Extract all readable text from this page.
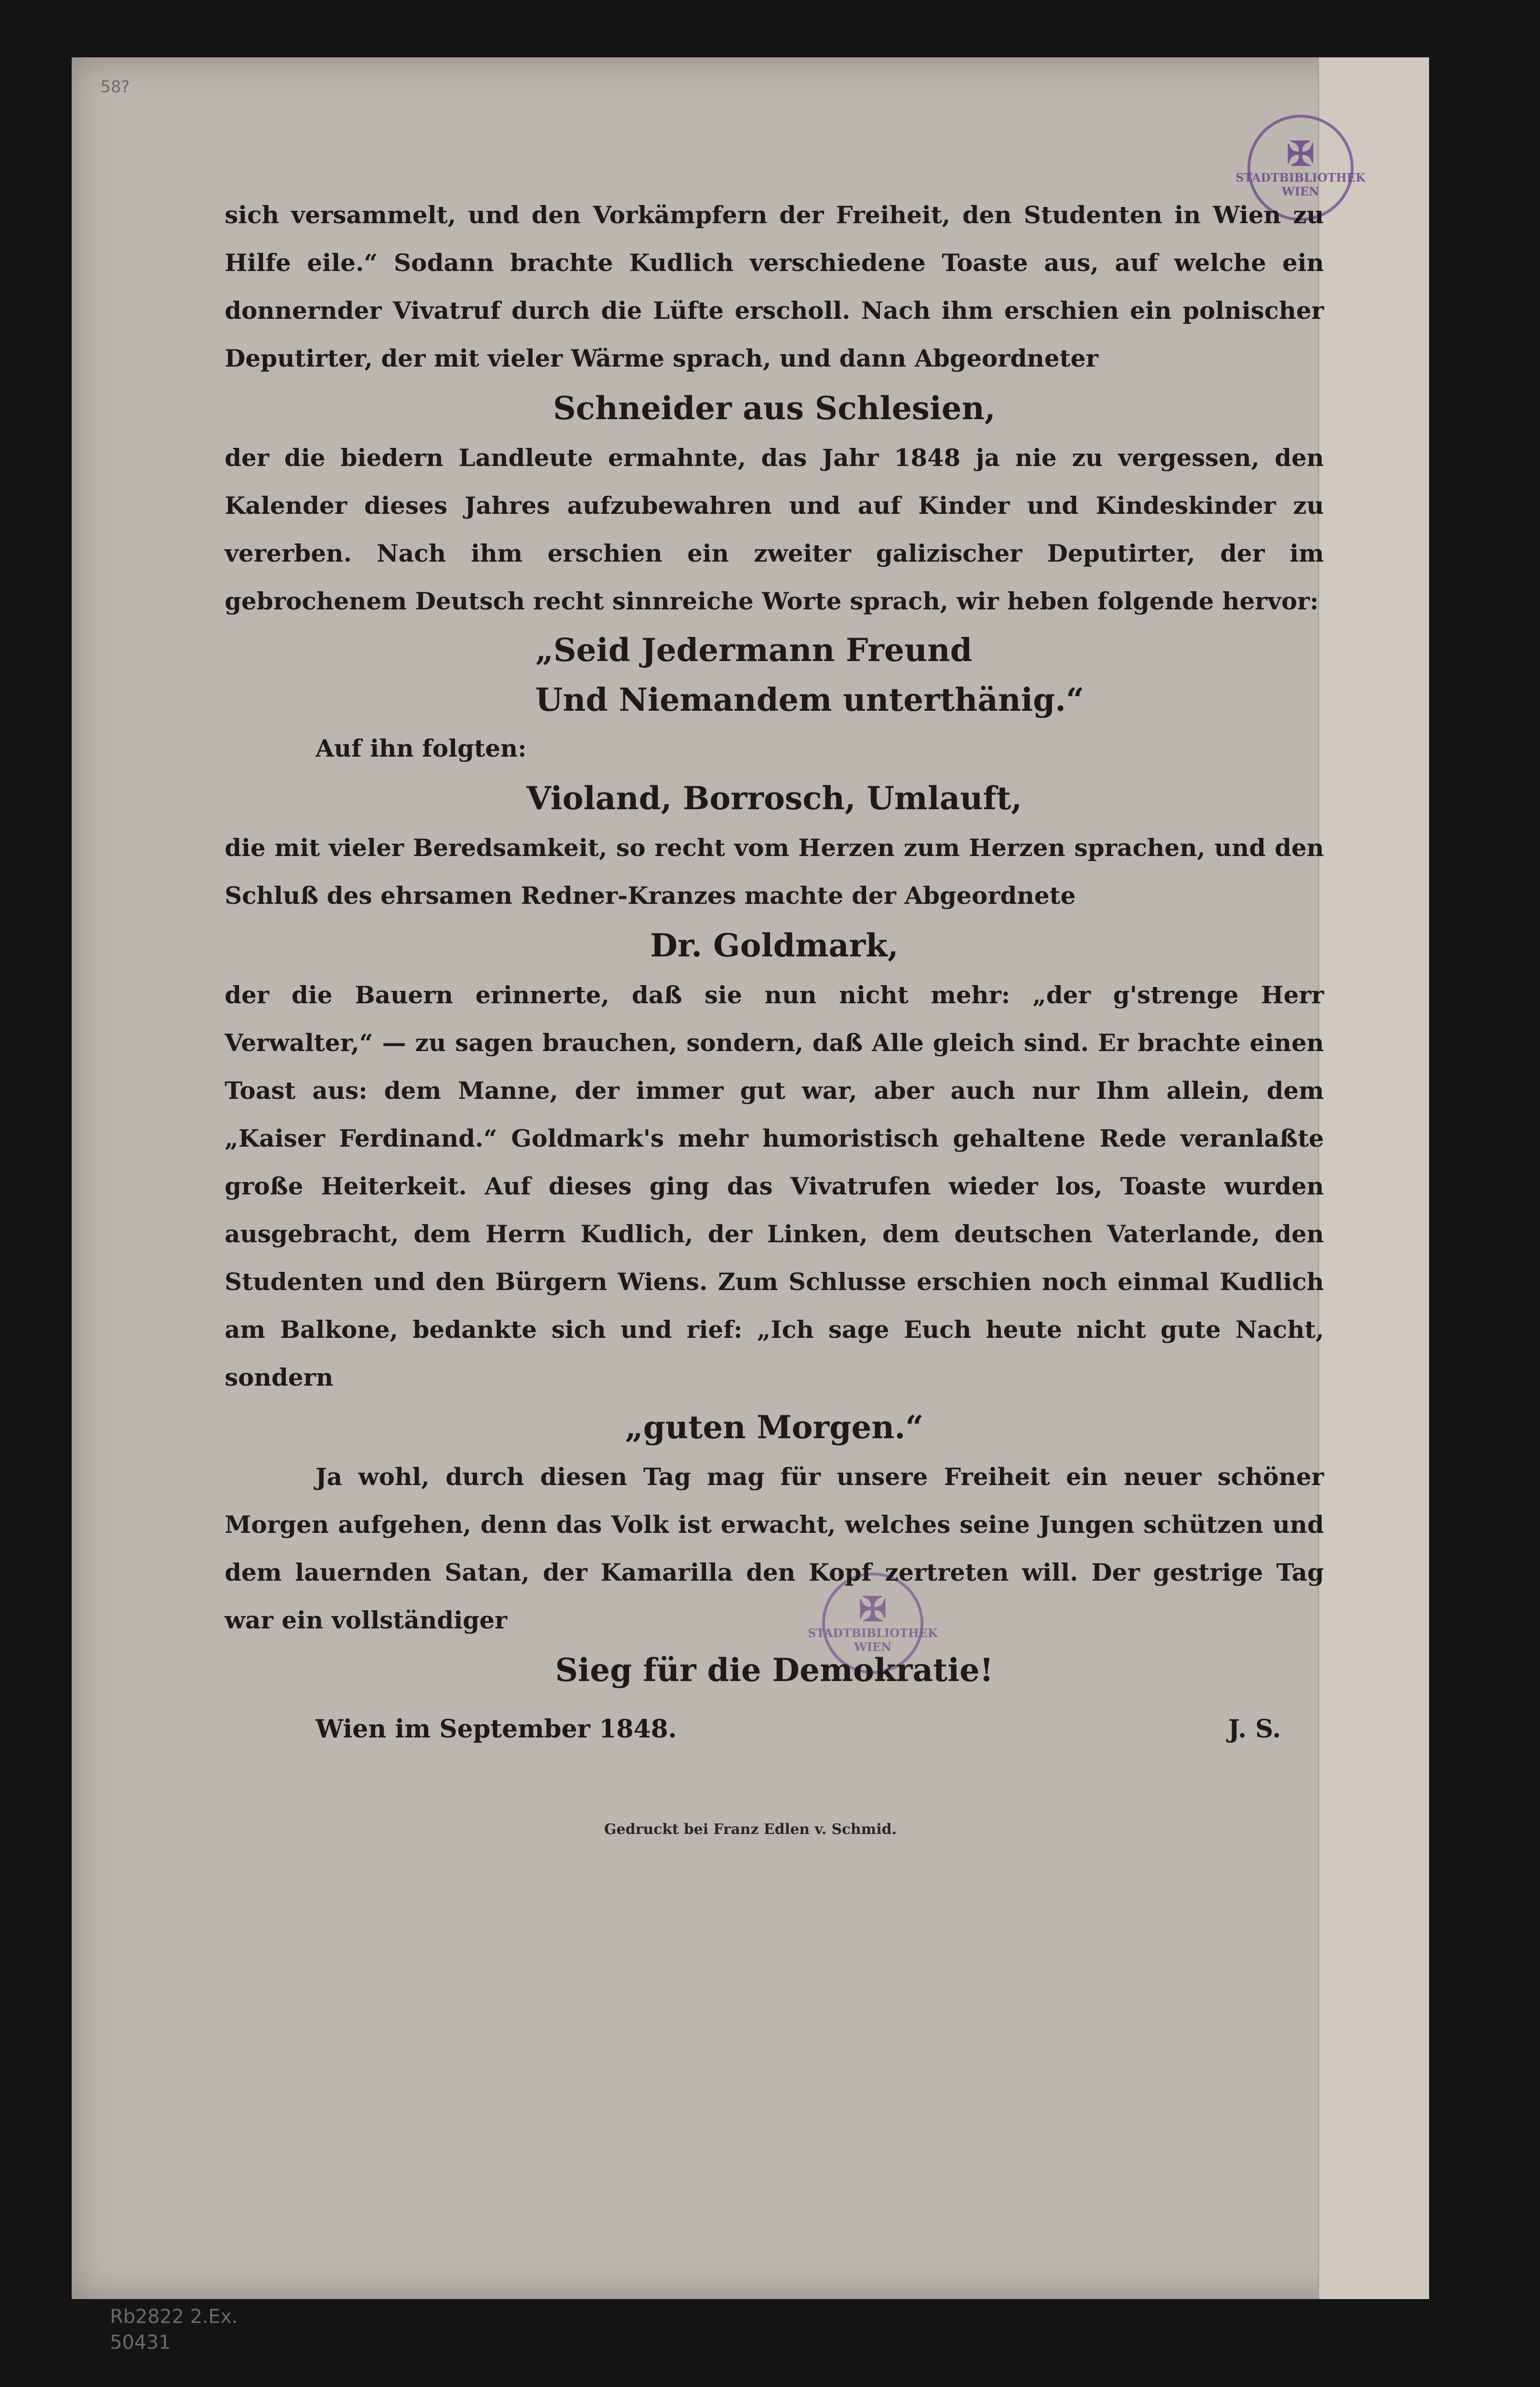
58?
✠
STADTBIBLIOTHEK WIEN
✠
STADTBIBLIOTHEK WIEN

sich versammelt, und den Vorkämpfern der Freiheit, den Studenten in Wien zu Hilfe eile.“ Sodann brachte Kudlich verschiedene Toaste aus, auf welche ein donnernder Vivatruf durch die Lüfte erscholl. Nach ihm erschien ein polnischer Deputirter, der mit vieler Wärme sprach, und dann Abgeordneter

Schneider aus Schlesien,

der die biedern Landleute ermahnte, das Jahr 1848 ja nie zu vergessen, den Kalender dieses Jahres aufzubewahren und auf Kinder und Kindeskinder zu vererben. Nach ihm erschien ein zweiter galizischer Deputirter, der im gebrochenem Deutsch recht sinnreiche Worte sprach, wir heben folgende hervor:

„Seid Jedermann Freund
Und Niemandem unterthänig.“

Auf ihn folgten:

Violand, Borrosch, Umlauft,

die mit vieler Beredsamkeit, so recht vom Herzen zum Herzen sprachen, und den Schluß des ehrsamen Redner-Kranzes machte der Abgeordnete

Dr. Goldmark,

der die Bauern erinnerte, daß sie nun nicht mehr: „der g'strenge Herr Verwalter,“ — zu sagen brauchen, sondern, daß Alle gleich sind. Er brachte einen Toast aus: dem Manne, der immer gut war, aber auch nur Ihm allein, dem „Kaiser Ferdinand.“ Goldmark's mehr humoristisch gehaltene Rede veranlaßte große Heiterkeit. Auf dieses ging das Vivatrufen wieder los, Toaste wurden ausgebracht, dem Herrn Kudlich, der Linken, dem deutschen Vaterlande, den Studenten und den Bürgern Wiens. Zum Schlusse erschien noch einmal Kudlich am Balkone, bedankte sich und rief: „Ich sage Euch heute nicht gute Nacht, sondern

„guten Morgen.“

Ja wohl, durch diesen Tag mag für unsere Freiheit ein neuer schöner Morgen aufgehen, denn das Volk ist erwacht, welches seine Jungen schützen und dem lauernden Satan, der Kamarilla den Kopf zertreten will. Der gestrige Tag war ein vollständiger

Sieg für die Demokratie!

Wien im September 1848.	J. S.
Gedruckt bei Franz Edlen v. Schmid.
Rb2822 2.Ex.
50431
